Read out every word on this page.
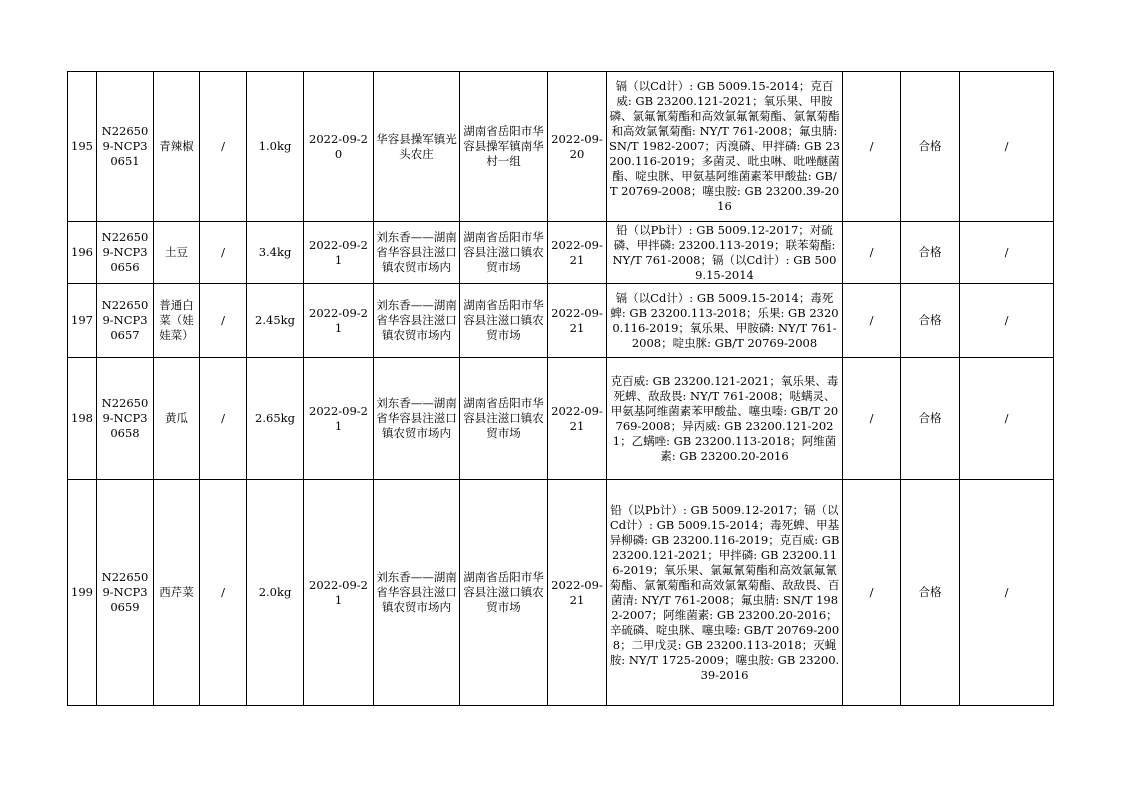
195	N226509-NCP30651	青辣椒	/	1.0kg	2022-09-20	华容县操军镇光头农庄	湖南省岳阳市华容县操军镇南华村一组	2022-09-20	镉（以Cd计）: GB 5009.15-2014；克百威: GB 23200.121-2021；氧乐果、甲胺磷、氯氟氰菊酯和高效氯氟氰菊酯、氯氰菊酯和高效氯氰菊酯: NY/T 761-2008；氟虫腈: SN/T 1982-2007；丙溴磷、甲拌磷: GB 23200.116-2019；多菌灵、吡虫啉、吡唑醚菌酯、啶虫脒、甲氨基阿维菌素苯甲酸盐: GB/T 20769-2008；噻虫胺: GB 23200.39-2016	/	合格	/
196	N226509-NCP30656	土豆	/	3.4kg	2022-09-21	刘东香——湖南省华容县注滋口镇农贸市场内	湖南省岳阳市华容县注滋口镇农贸市场	2022-09-21	铅（以Pb计）: GB 5009.12-2017；对硫磷、甲拌磷: 23200.113-2019；联苯菊酯: NY/T 761-2008；镉（以Cd计）: GB 5009.15-2014	/	合格	/
197	N226509-NCP30657	普通白菜（娃娃菜）	/	2.45kg	2022-09-21	刘东香——湖南省华容县注滋口镇农贸市场内	湖南省岳阳市华容县注滋口镇农贸市场	2022-09-21	镉（以Cd计）: GB 5009.15-2014；毒死蜱: GB 23200.113-2018；乐果: GB 23200.116-2019；氧乐果、甲胺磷: NY/T 761-2008；啶虫脒: GB/T 20769-2008	/	合格	/
198	N226509-NCP30658	黄瓜	/	2.65kg	2022-09-21	刘东香——湖南省华容县注滋口镇农贸市场内	湖南省岳阳市华容县注滋口镇农贸市场	2022-09-21	克百威: GB 23200.121-2021；氧乐果、毒死蜱、敌敌畏: NY/T 761-2008；哒螨灵、甲氨基阿维菌素苯甲酸盐、噻虫嗪: GB/T 20769-2008；异丙威: GB 23200.121-2021；乙螨唑: GB 23200.113-2018；阿维菌素: GB 23200.20-2016	/	合格	/
199	N226509-NCP30659	西芹菜	/	2.0kg	2022-09-21	刘东香——湖南省华容县注滋口镇农贸市场内	湖南省岳阳市华容县注滋口镇农贸市场	2022-09-21	铅（以Pb计）: GB 5009.12-2017；镉（以Cd计）: GB 5009.15-2014；毒死蜱、甲基异柳磷: GB 23200.116-2019；克百威: GB 23200.121-2021；甲拌磷: GB 23200.116-2019；氧乐果、氯氟氰菊酯和高效氯氟氰菊酯、氯氰菊酯和高效氯氰菊酯、敌敌畏、百菌清: NY/T 761-2008；氟虫腈: SN/T 1982-2007；阿维菌素: GB 23200.20-2016；辛硫磷、啶虫脒、噻虫嗪: GB/T 20769-2008；二甲戊灵: GB 23200.113-2018；灭蝇胺: NY/T 1725-2009；噻虫胺: GB 23200.39-2016	/	合格	/
